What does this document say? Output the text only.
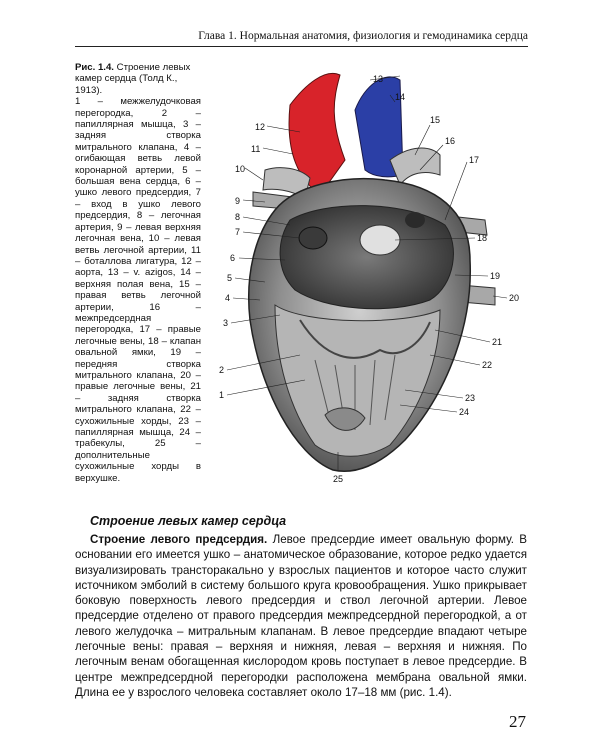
Глава 1. Нормальная анатомия, физиология и гемодинамика сердца
Рис. 1.4. Строение левых камер сердца (Толд К., 1913).
1 – межжелудочковая перегородка, 2 – папиллярная мышца, 3 – задняя створка митрального клапана, 4 – огибающая ветвь левой коронарной артерии, 5 – большая вена сердца, 6 – ушко левого предсердия, 7 – вход в ушко левого предсердия, 8 – легочная артерия, 9 – левая верхняя легочная вена, 10 – левая ветвь легочной артерии, 11 – боталлова лигатура, 12 – аорта, 13 – v. azigos, 14 – верхняя полая вена, 15 – правая ветвь легочной артерии, 16 – межпредсердная перегородка, 17 – правые легочные вены, 18 – клапан овальной ямки, 19 – передняя створка митрального клапана, 20 – правые легочные вены, 21 – задняя створка митрального клапана, 22 – сухожильные хорды, 23 – папиллярная мышца, 24 – трабекулы, 25 – дополнительные сухожильные хорды в верхушке.
12
11
10
9
8
7
6
5
4
3
2
1
13
14
15
16
17
18
19
20
21
22
23
24
25
Строение левых камер сердца
Строение левого предсердия. Левое предсердие имеет овальную форму. В основании его имеется ушко – анатомическое образование, которое редко удается визуализировать трансторакально у взрослых пациентов и которое часто служит источником эмболий в систему большого круга кровообращения. Ушко прикрывает боковую поверхность левого предсердия и ствол легочной артерии. Левое предсердие отделено от правого предсердия межпредсердной перегородкой, а от левого желудочка – митральным клапанам. В левое предсердие впадают четыре легочные вены: правая – верхняя и нижняя, левая – верхняя и нижняя. По легочным венам обогащенная кислородом кровь поступает в левое предсердие. В центре межпредсердной перегородки расположена мембрана овальной ямки. Длина ее у взрослого человека составляет около 17–18 мм (рис. 1.4).
27
